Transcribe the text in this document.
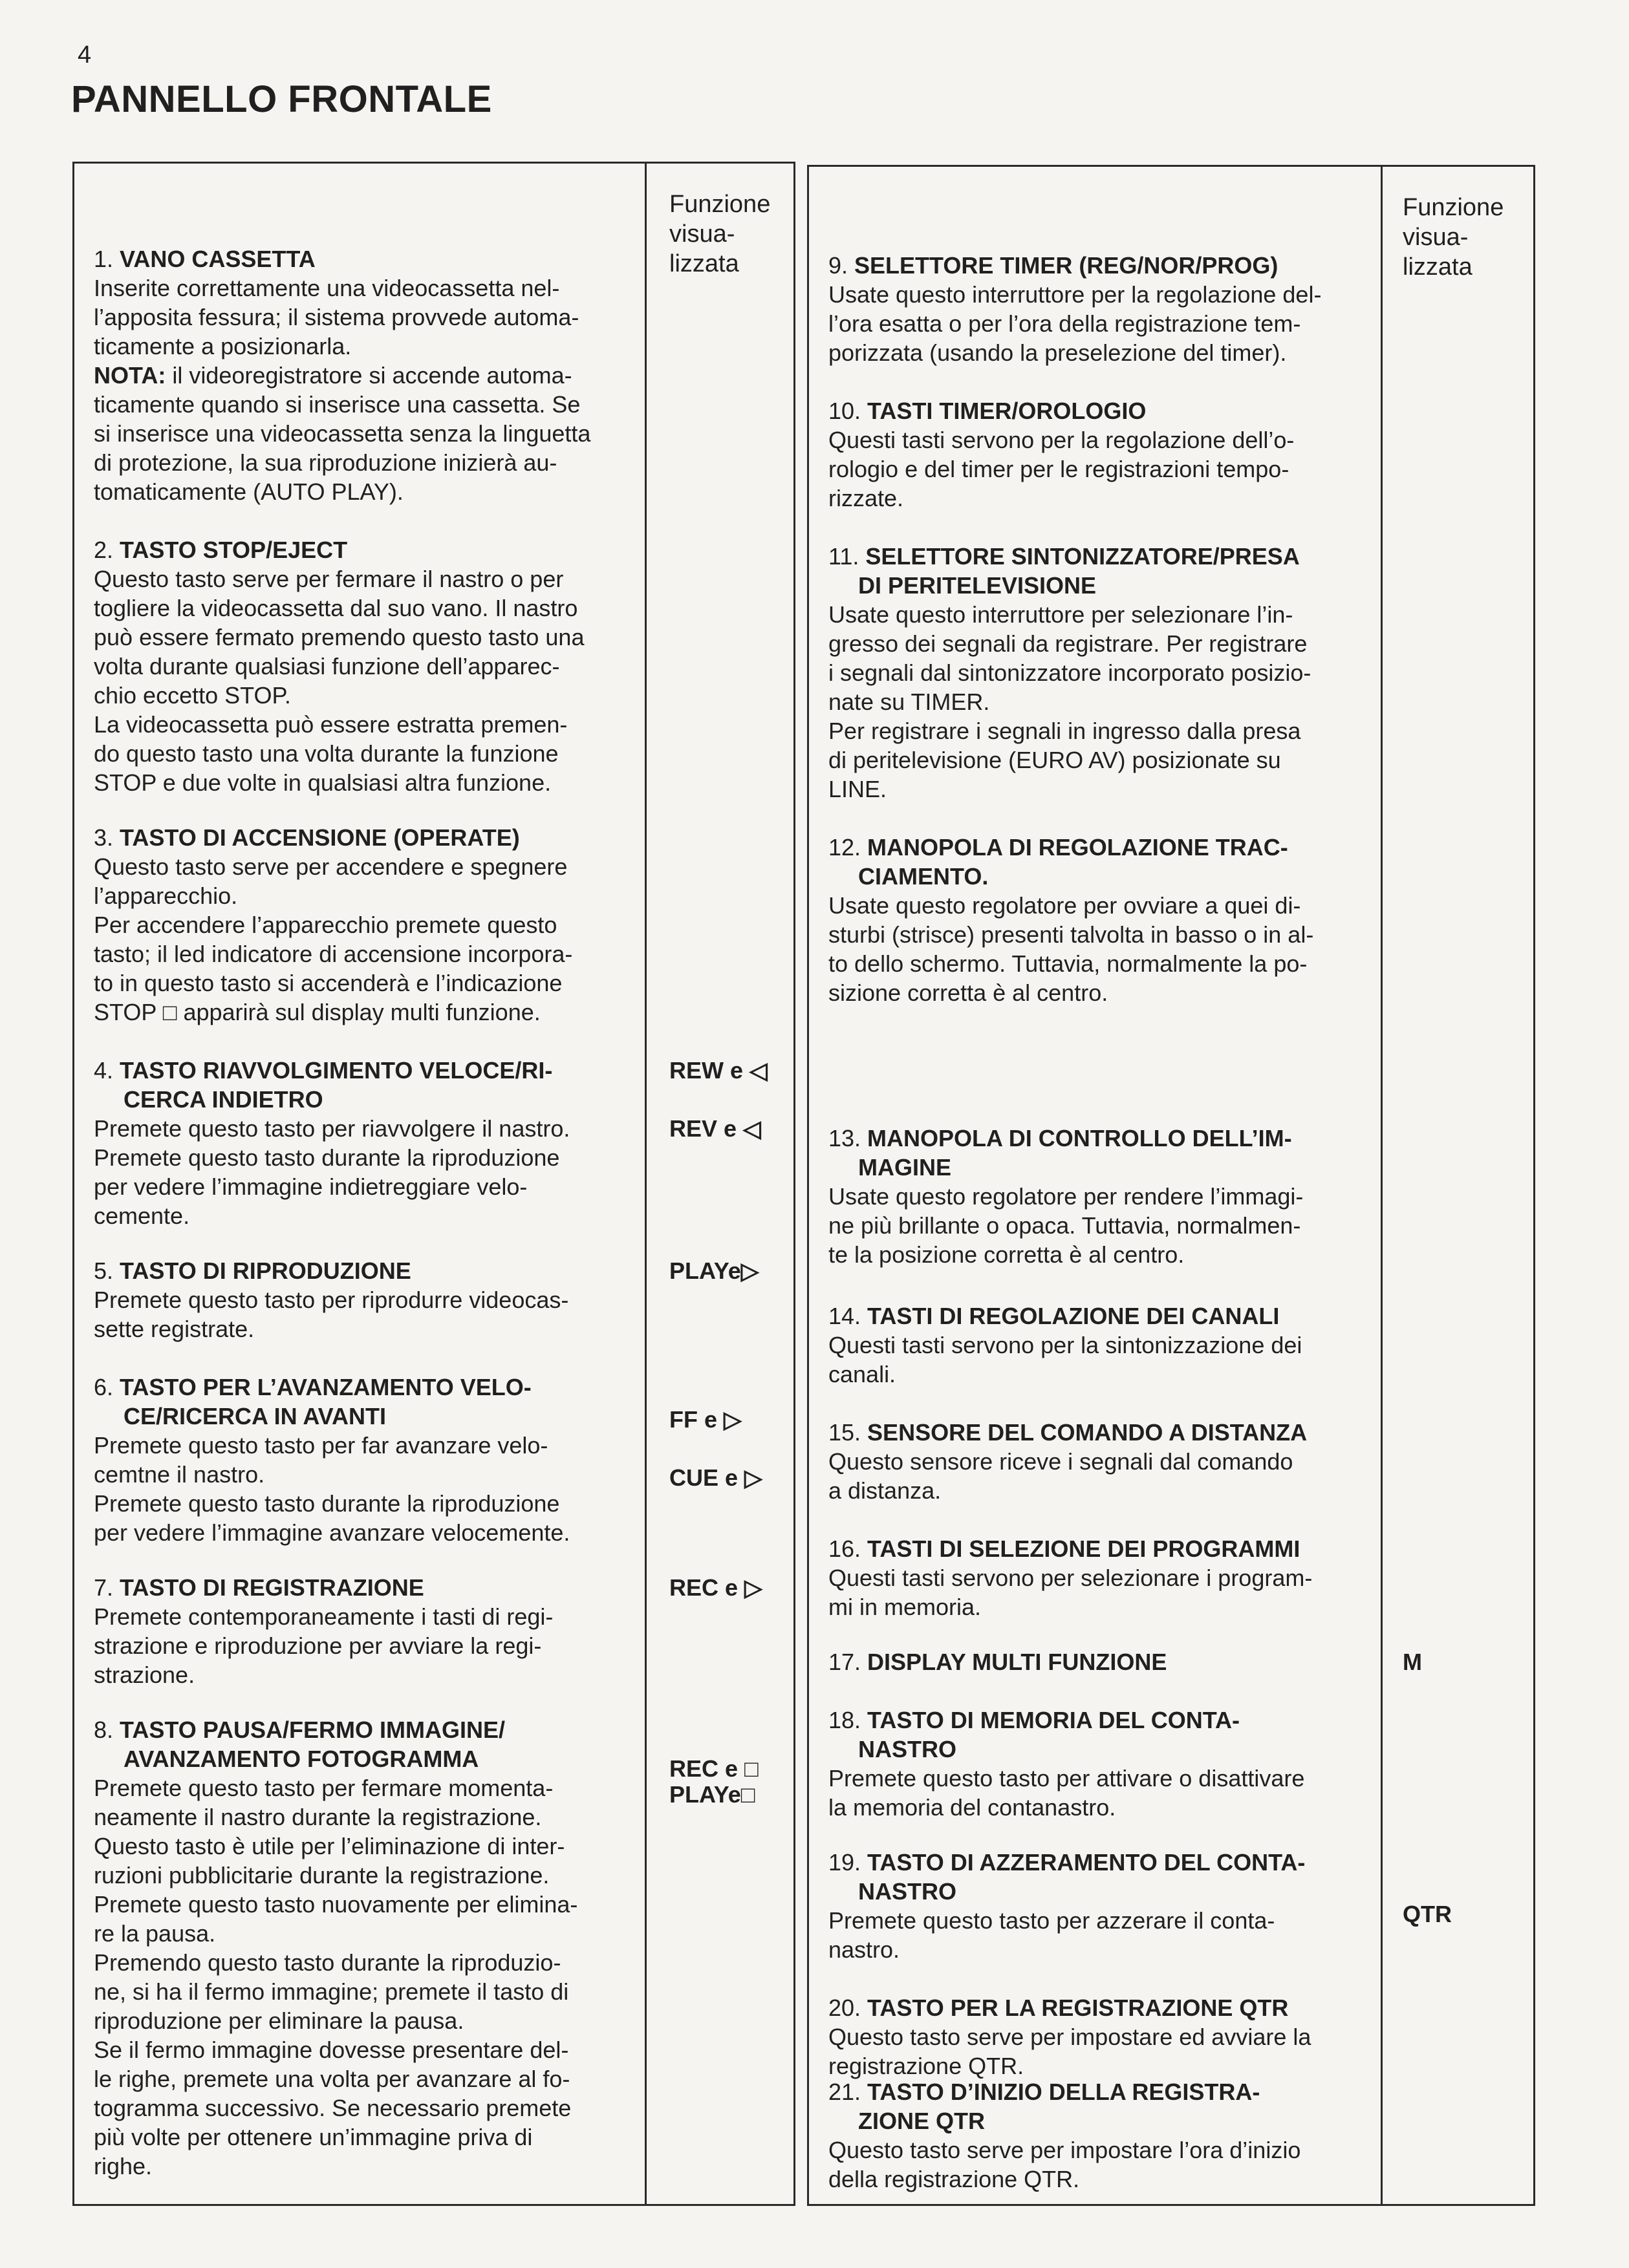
4
PANNELLO FRONTALE
Funzione
visua-
lizzata
1. VANO CASSETTA
Inserite correttamente una videocassetta nel-
l’apposita fessura; il sistema provvede automa-
ticamente a posizionarla.
NOTA: il videoregistratore si accende automa-
ticamente quando si inserisce una cassetta. Se
si inserisce una videocassetta senza la linguetta
di protezione, la sua riproduzione inizierà au-
tomaticamente (AUTO PLAY).
2. TASTO STOP/EJECT
Questo tasto serve per fermare il nastro o per
togliere la videocassetta dal suo vano. Il nastro
può essere fermato premendo questo tasto una
volta durante qualsiasi funzione dell’apparec-
chio eccetto STOP.
La videocassetta può essere estratta premen-
do questo tasto una volta durante la funzione
STOP e due volte in qualsiasi altra funzione.
3. TASTO DI ACCENSIONE (OPERATE)
Questo tasto serve per accendere e spegnere
l’apparecchio.
Per accendere l’apparecchio premete questo
tasto; il led indicatore di accensione incorpora-
to in questo tasto si accenderà e l’indicazione
STOP □ apparirà sul display multi funzione.
4. TASTO RIAVVOLGIMENTO VELOCE/RI-
CERCA INDIETRO
Premete questo tasto per riavvolgere il nastro.
Premete questo tasto durante la riproduzione
per vedere l’immagine indietreggiare velo-
cemente.
5. TASTO DI RIPRODUZIONE
Premete questo tasto per riprodurre videocas-
sette registrate.
6. TASTO PER L’AVANZAMENTO VELO-
CE/RICERCA IN AVANTI
Premete questo tasto per far avanzare velo-
cemtne il nastro.
Premete questo tasto durante la riproduzione
per vedere l’immagine avanzare velocemente.
7. TASTO DI REGISTRAZIONE
Premete contemporaneamente i tasti di regi-
strazione e riproduzione per avviare la regi-
strazione.
8. TASTO PAUSA/FERMO IMMAGINE/
AVANZAMENTO FOTOGRAMMA
Premete questo tasto per fermare momenta-
neamente il nastro durante la registrazione.
Questo tasto è utile per l’eliminazione di inter-
ruzioni pubblicitarie durante la registrazione.
Premete questo tasto nuovamente per elimina-
re la pausa.
Premendo questo tasto durante la riproduzio-
ne, si ha il fermo immagine; premete il tasto di
riproduzione per eliminare la pausa.
Se il fermo immagine dovesse presentare del-
le righe, premete una volta per avanzare al fo-
togramma successivo. Se necessario premete
più volte per ottenere un’immagine priva di
righe.
REW e ◁
REV e ◁
PLAYe▷
FF e ▷
CUE e ▷
REC e ▷
REC e □
PLAYe□
Funzione
visua-
lizzata
9. SELETTORE TIMER (REG/NOR/PROG)
Usate questo interruttore per la regolazione del-
l’ora esatta o per l’ora della registrazione tem-
porizzata (usando la preselezione del timer).
10. TASTI TIMER/OROLOGIO
Questi tasti servono per la regolazione dell’o-
rologio e del timer per le registrazioni tempo-
rizzate.
11. SELETTORE SINTONIZZATORE/PRESA
DI PERITELEVISIONE
Usate questo interruttore per selezionare l’in-
gresso dei segnali da registrare. Per registrare
i segnali dal sintonizzatore incorporato posizio-
nate su TIMER.
Per registrare i segnali in ingresso dalla presa
di peritelevisione (EURO AV) posizionate su
LINE.
12. MANOPOLA DI REGOLAZIONE TRAC-
CIAMENTO.
Usate questo regolatore per ovviare a quei di-
sturbi (strisce) presenti talvolta in basso o in al-
to dello schermo. Tuttavia, normalmente la po-
sizione corretta è al centro.
13. MANOPOLA DI CONTROLLO DELL’IM-
MAGINE
Usate questo regolatore per rendere l’immagi-
ne più brillante o opaca. Tuttavia, normalmen-
te la posizione corretta è al centro.
14. TASTI DI REGOLAZIONE DEI CANALI
Questi tasti servono per la sintonizzazione dei
canali.
15. SENSORE DEL COMANDO A DISTANZA
Questo sensore riceve i segnali dal comando
a distanza.
16. TASTI DI SELEZIONE DEI PROGRAMMI
Questi tasti servono per selezionare i program-
mi in memoria.
17. DISPLAY MULTI FUNZIONE
18. TASTO DI MEMORIA DEL CONTA-
NASTRO
Premete questo tasto per attivare o disattivare
la memoria del contanastro.
19. TASTO DI AZZERAMENTO DEL CONTA-
NASTRO
Premete questo tasto per azzerare il conta-
nastro.
20. TASTO PER LA REGISTRAZIONE QTR
Questo tasto serve per impostare ed avviare la
registrazione QTR.
21. TASTO D’INIZIO DELLA REGISTRA-
ZIONE QTR
Questo tasto serve per impostare l’ora d’inizio
della registrazione QTR.
M
QTR
